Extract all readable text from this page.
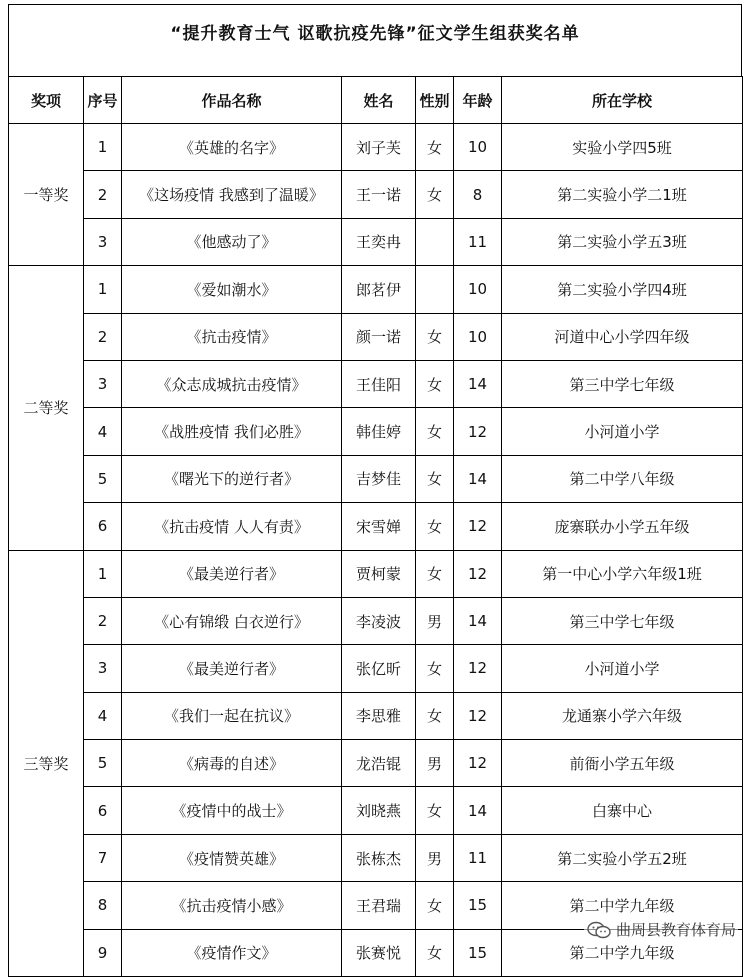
“提升教育士气 讴歌抗疫先锋”征文学生组获奖名单
奖项	序号	作品名称	姓名	性别	年龄	所在学校
一等奖	1	《英雄的名字》	刘子芙	女	10	实验小学四5班
	2	《这场疫情 我感到了温暖》	王一诺	女	8	第二实验小学二1班
	3	《他感动了》	王奕冉		11	第二实验小学五3班
二等奖	1	《爱如潮水》	郎茗伊		10	第二实验小学四4班
	2	《抗击疫情》	颜一诺	女	10	河道中心小学四年级
	3	《众志成城抗击疫情》	王佳阳	女	14	第三中学七年级
	4	《战胜疫情 我们必胜》	韩佳婷	女	12	小河道小学
	5	《曙光下的逆行者》	吉梦佳	女	14	第二中学八年级
	6	《抗击疫情 人人有责》	宋雪婵	女	12	庞寨联办小学五年级
三等奖	1	《最美逆行者》	贾柯蒙	女	12	第一中心小学六年级1班
	2	《心有锦缎 白衣逆行》	李凌波	男	14	第三中学七年级
	3	《最美逆行者》	张亿昕	女	12	小河道小学
	4	《我们一起在抗议》	李思雅	女	12	龙通寨小学六年级
	5	《病毒的自述》	龙浩锟	男	12	前衙小学五年级
	6	《疫情中的战士》	刘晓燕	女	14	白寨中心
	7	《疫情赞英雄》	张栋杰	男	11	第二实验小学五2班
	8	《抗击疫情小感》	王君瑞	女	15	第二中学九年级
	9	《疫情作文》	张赛悦	女	15	第二中学九年级
曲周县教育体育局
